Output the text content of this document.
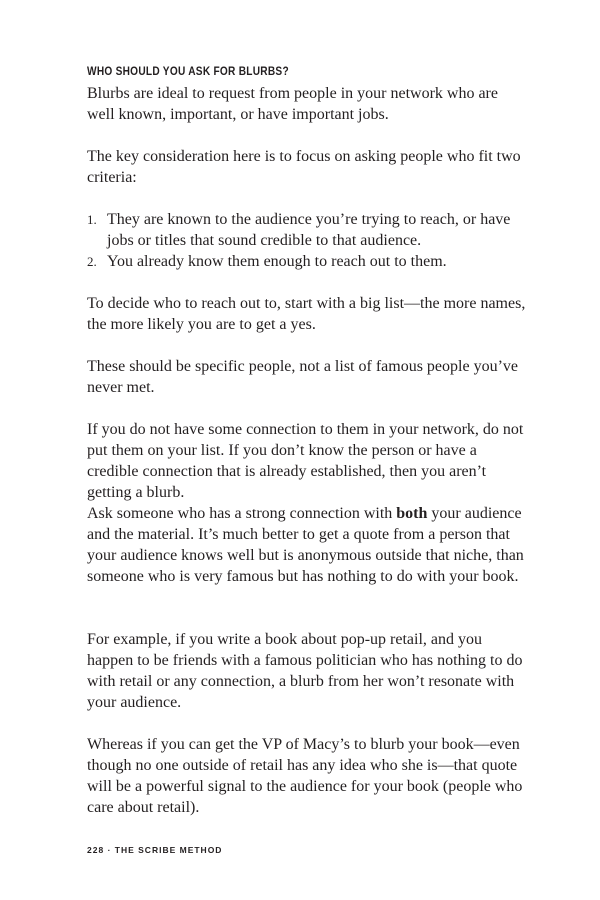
WHO SHOULD YOU ASK FOR BLURBS?

Blurbs are ideal to request from people in your network who are well known, important, or have important jobs.

The key consideration here is to focus on asking people who fit two criteria:

1. They are known to the audience you’re trying to reach, or have jobs or titles that sound credible to that audience.
2. You already know them enough to reach out to them.

To decide who to reach out to, start with a big list—the more names, the more likely you are to get a yes.

These should be specific people, not a list of famous people you’ve never met.

If you do not have some connection to them in your network, do not put them on your list. If you don’t know the person or have a credible connection that is already established, then you aren’t getting a blurb.

Ask someone who has a strong connection with both your audience and the material. It’s much better to get a quote from a person that your audience knows well but is anonymous outside that niche, than someone who is very famous but has nothing to do with your book.

For example, if you write a book about pop-up retail, and you happen to be friends with a famous politician who has nothing to do with retail or any connection, a blurb from her won’t resonate with your audience.

Whereas if you can get the VP of Macy’s to blurb your book—even though no one outside of retail has any idea who she is—that quote will be a powerful signal to the audience for your book (people who care about retail).

228 · THE SCRIBE METHOD
